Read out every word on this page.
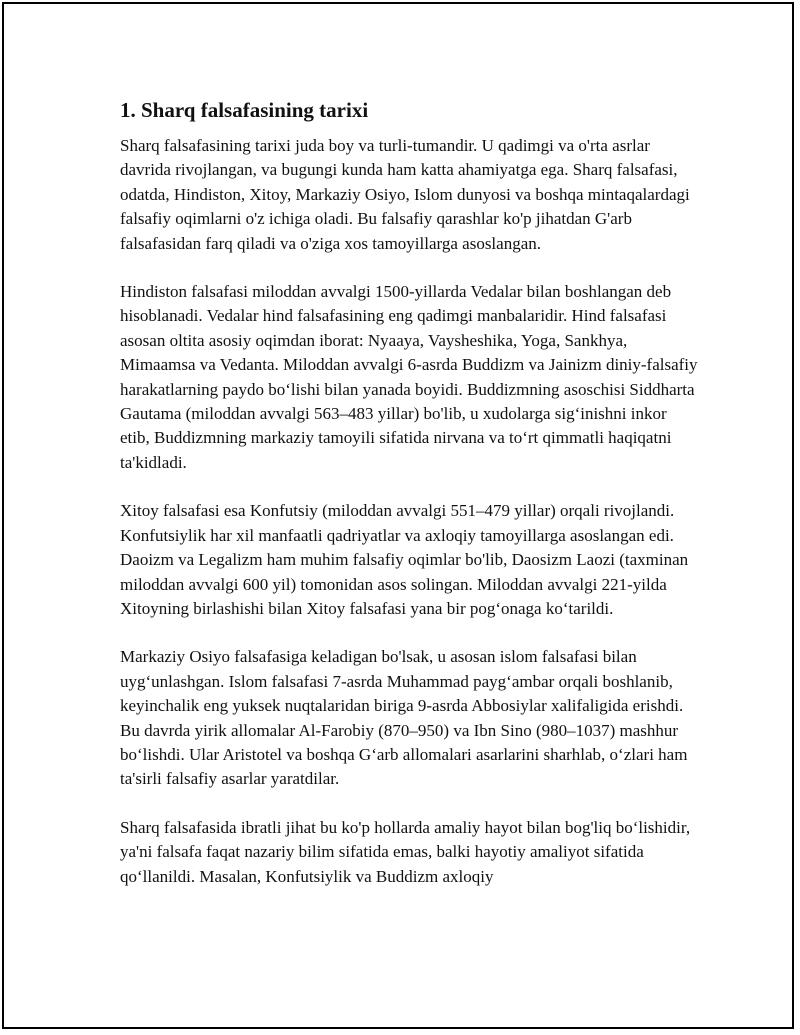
1. Sharq falsafasining tarixi

Sharq falsafasining tarixi juda boy va turli-tumandir. U qadimgi va o'rta asrlar davrida rivojlangan, va bugungi kunda ham katta ahamiyatga ega. Sharq falsafasi, odatda, Hindiston, Xitoy, Markaziy Osiyo, Islom dunyosi va boshqa mintaqalardagi falsafiy oqimlarni o'z ichiga oladi. Bu falsafiy qarashlar ko'p jihatdan G'arb falsafasidan farq qiladi va o'ziga xos tamoyillarga asoslangan.

Hindiston falsafasi miloddan avvalgi 1500-yillarda Vedalar bilan boshlangan deb hisoblanadi. Vedalar hind falsafasining eng qadimgi manbalaridir. Hind falsafasi asosan oltita asosiy oqimdan iborat: Nyaaya, Vaysheshika, Yoga, Sankhya, Mimaamsa va Vedanta. Miloddan avvalgi 6-asrda Buddizm va Jainizm diniy-falsafiy harakatlarning paydo bo‘lishi bilan yanada boyidi. Buddizmning asoschisi Siddharta Gautama (miloddan avvalgi 563–483 yillar) bo'lib, u xudolarga sig‘inishni inkor etib, Buddizmning markaziy tamoyili sifatida nirvana va to‘rt qimmatli haqiqatni ta'kidladi.

Xitoy falsafasi esa Konfutsiy (miloddan avvalgi 551–479 yillar) orqali rivojlandi. Konfutsiylik har xil manfaatli qadriyatlar va axloqiy tamoyillarga asoslangan edi. Daoizm va Legalizm ham muhim falsafiy oqimlar bo'lib, Daosizm Laozi (taxminan miloddan avvalgi 600 yil) tomonidan asos solingan. Miloddan avvalgi 221-yilda Xitoyning birlashishi bilan Xitoy falsafasi yana bir pog‘onaga ko‘tarildi.

Markaziy Osiyo falsafasiga keladigan bo'lsak, u asosan islom falsafasi bilan uyg‘unlashgan. Islom falsafasi 7-asrda Muhammad payg‘ambar orqali boshlanib, keyinchalik eng yuksek nuqtalaridan biriga 9-asrda Abbosiylar xalifaligida erishdi. Bu davrda yirik allomalar Al-Farobiy (870–950) va Ibn Sino (980–1037) mashhur bo‘lishdi. Ular Aristotel va boshqa G‘arb allomalari asarlarini sharhlab, o‘zlari ham ta'sirli falsafiy asarlar yaratdilar.

Sharq falsafasida ibratli jihat bu ko'p hollarda amaliy hayot bilan bog'liq bo‘lishidir, ya'ni falsafa faqat nazariy bilim sifatida emas, balki hayotiy amaliyot sifatida qo‘llanildi. Masalan, Konfutsiylik va Buddizm axloqiy
